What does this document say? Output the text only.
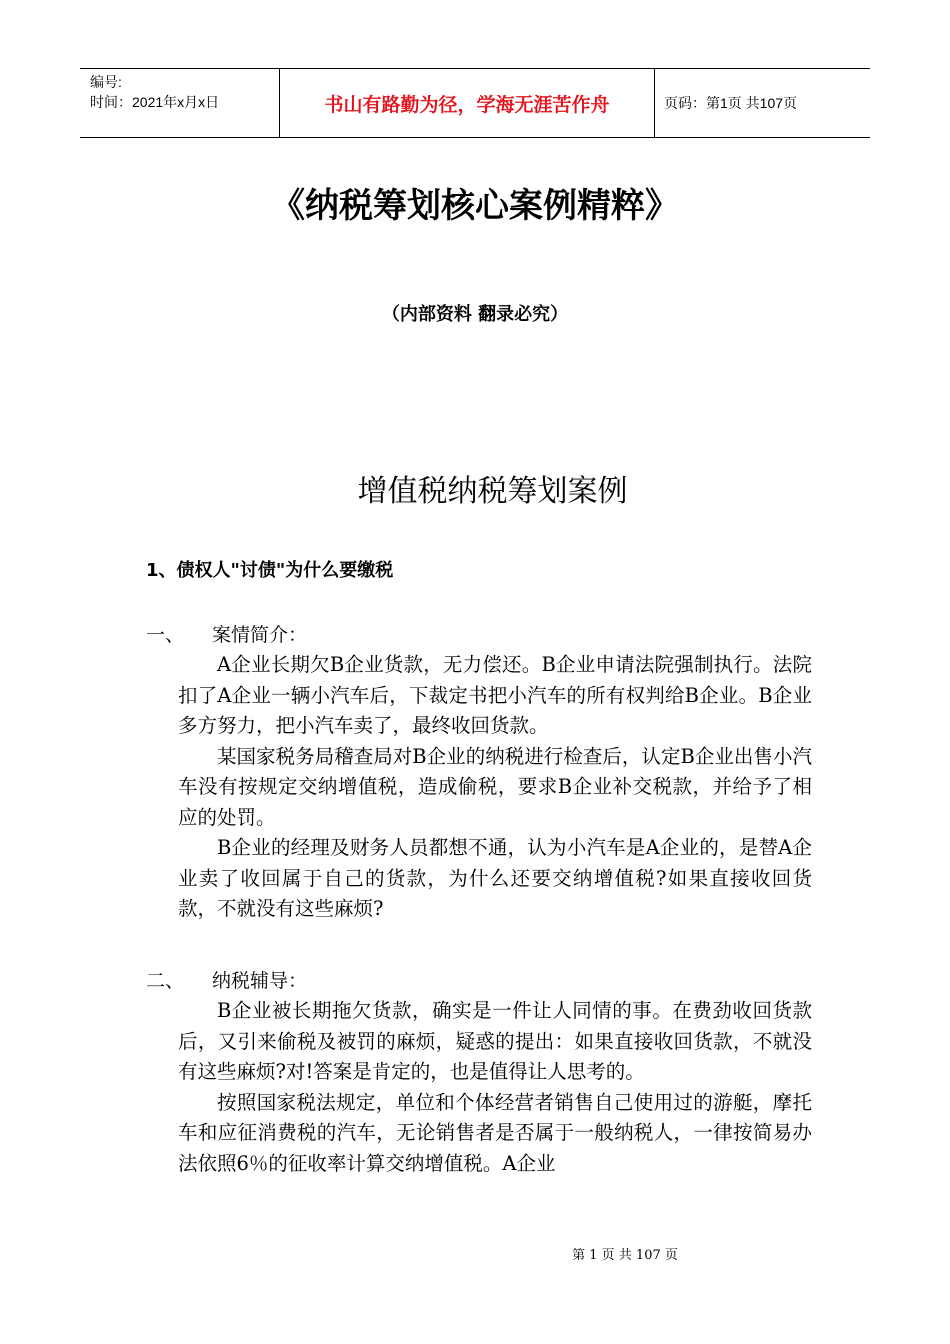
编号:
时间：2021年x月x日	书山有路勤为径，学海无涯苦作舟	页码：第1页 共107页
《纳税筹划核心案例精粹》
（内部资料 翻录必究）
增值税纳税筹划案例
1、债权人"讨债"为什么要缴税
一、 案情简介：

A企业长期欠B企业货款，无力偿还。B企业申请法院强制执行。法院扣了A企业一辆小汽车后，下裁定书把小汽车的所有权判给B企业。B企业多方努力，把小汽车卖了，最终收回货款。

某国家税务局稽查局对B企业的纳税进行检查后，认定B企业出售小汽车没有按规定交纳增值税，造成偷税，要求B企业补交税款，并给予了相应的处罚。

B企业的经理及财务人员都想不通，认为小汽车是A企业的，是替A企业卖了收回属于自己的货款，为什么还要交纳增值税?如果直接收回货款，不就没有这些麻烦?

二、 纳税辅导：

B企业被长期拖欠货款，确实是一件让人同情的事。在费劲收回货款后，又引来偷税及被罚的麻烦，疑惑的提出：如果直接收回货款，不就没有这些麻烦?对!答案是肯定的，也是值得让人思考的。

按照国家税法规定，单位和个体经营者销售自己使用过的游艇，摩托车和应征消费税的汽车，无论销售者是否属于一般纳税人，一律按简易办法依照6％的征收率计算交纳增值税。A企业

第 1 页 共 107 页
